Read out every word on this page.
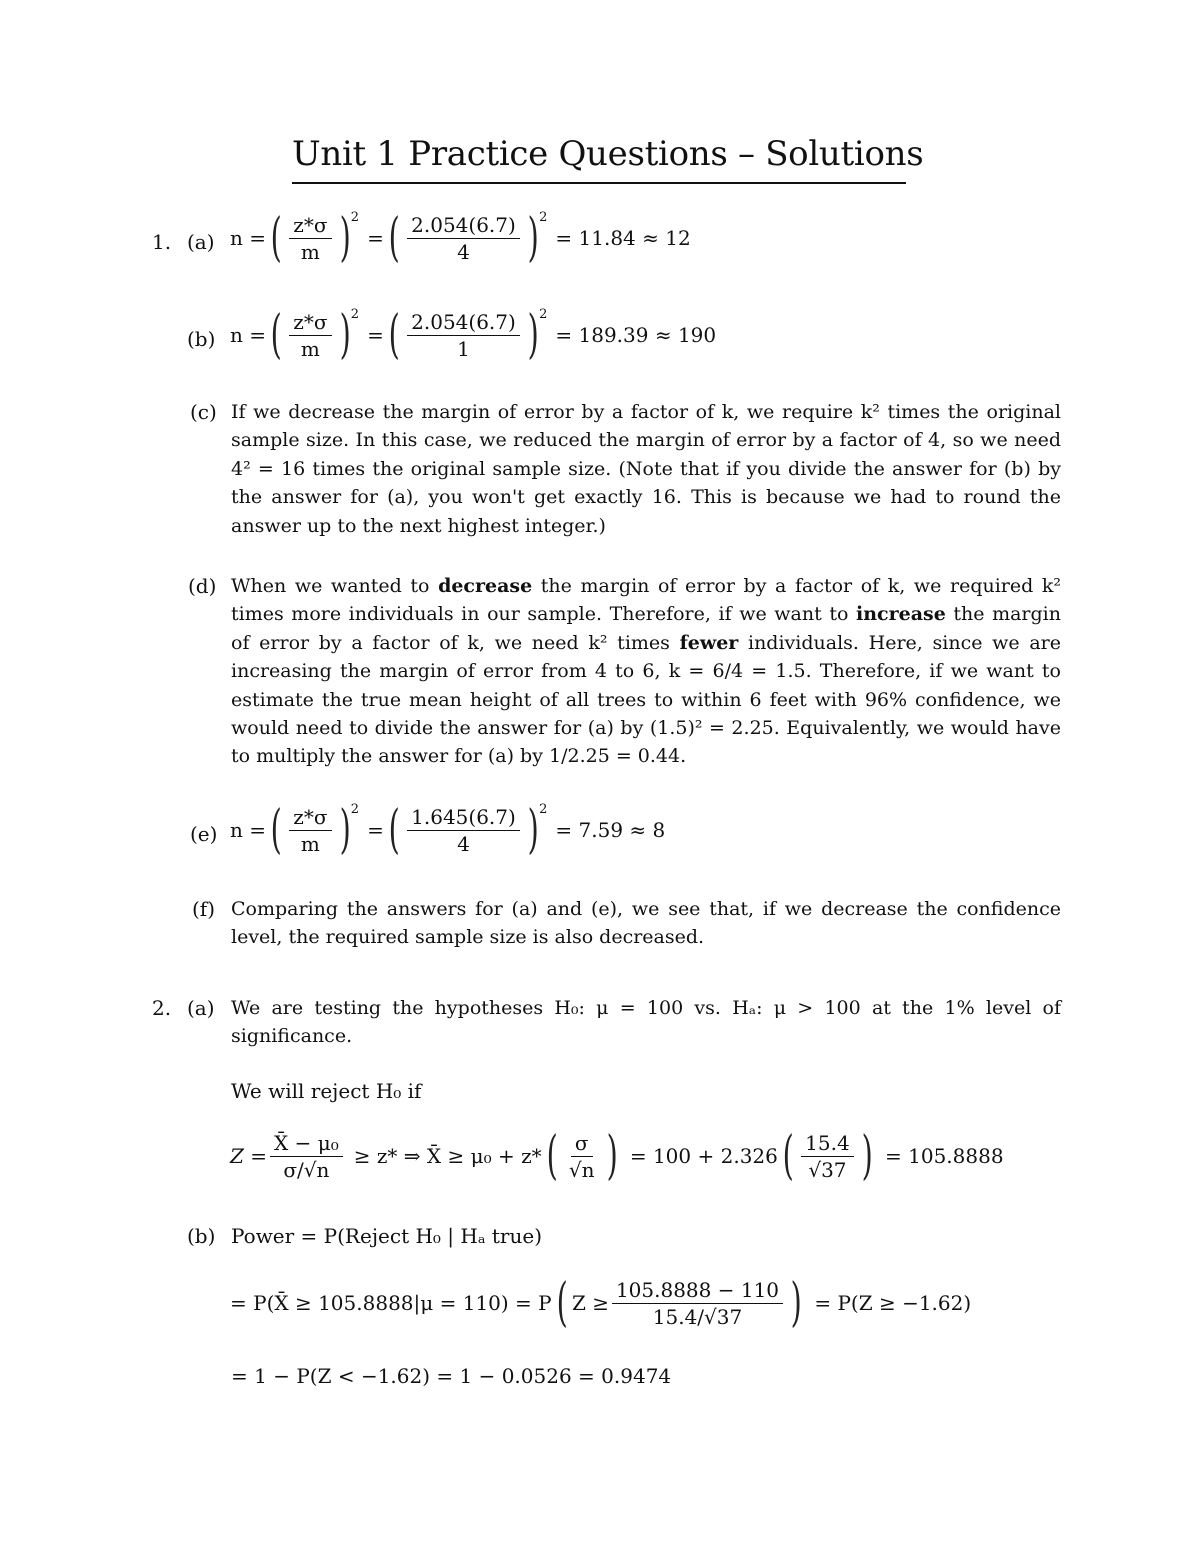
Unit 1 Practice Questions – Solutions
1. (a) n = ( $\frac{z*\sigma}{m}$ ) 2
= ( $\frac{2.054(6.7)}{4}$ ) 2
= 11.84 ≈ 12
(b) n = ( $\frac{z*\sigma}{m}$ ) 2
= ( $\frac{2.054(6.7)}{1}$ ) 2
= 189.39 ≈ 190
(c) If we decrease the margin of error by a factor of k, we require k² times the original sample size. In this case, we reduced the margin of error by a factor of 4, so we need 4² = 16 times the original sample size. (Note that if you divide the answer for (b) by the answer for (a), you won't get exactly 16. This is because we had to round the answer up to the next highest integer.)
(d) When we wanted to decrease the margin of error by a factor of k, we required k² times more individuals in our sample. Therefore, if we want to increase the margin of error by a factor of k, we need k² times fewer individuals. Here, since we are increasing the margin of error from 4 to 6, k = 6/4 = 1.5. Therefore, if we want to estimate the true mean height of all trees to within 6 feet with 96% confidence, we would need to divide the answer for (a) by (1.5)² = 2.25. Equivalently, we would have to multiply the answer for (a) by 1/2.25 = 0.44.
(e) n = ( $\frac{z*\sigma}{m}$ ) 2
= ( $\frac{1.645(6.7)}{4}$ ) 2
= 7.59 ≈ 8
(f) Comparing the answers for (a) and (e), we see that, if we decrease the confidence level, the required sample size is also decreased.
2. (a) We are testing the hypotheses H₀: μ = 100 vs. Hₐ: μ > 100 at the 1% level of significance.
We will reject H₀ if
$Z = \frac{\text{X̄ − μ₀}}{\sigma/√n} \ge z*$ ⇒ X̄ ≥ μ₀ + z* ( $\frac{\sigma}{√n}$ ) = 100 + 2.326 ( $\frac{15.4}{√37}$ ) = 105.8888
(b) Power = P(Reject H₀ | Hₐ true)
= P(X̄ ≥ 105.8888|μ = 110) = P ( $Z \ge \frac{105.8888 - 110}{15.4/√37}$ ) = P(Z ≥ −1.62)
= 1 − P(Z < −1.62) = 1 − 0.0526 = 0.9474
